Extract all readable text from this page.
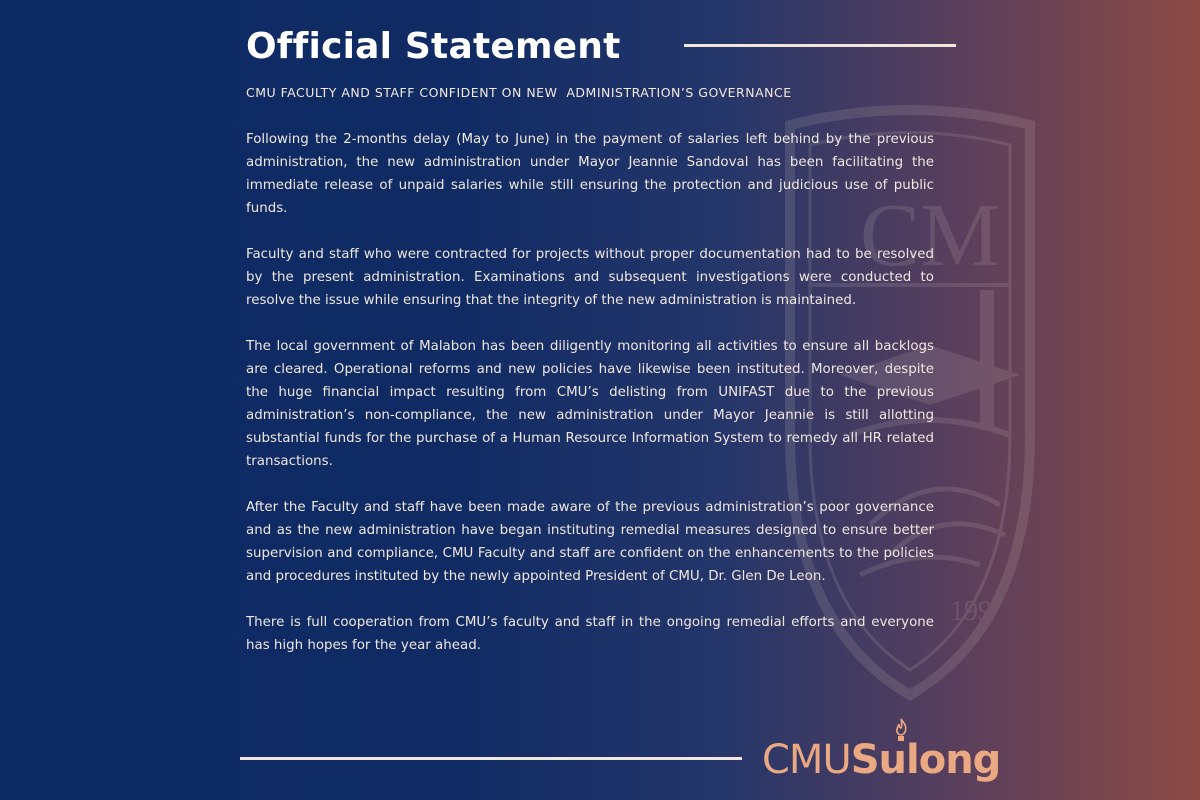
CM
199
Official Statement

CMU FACULTY AND STAFF CONFIDENT ON NEW  ADMINISTRATION’S GOVERNANCE

Following the 2-months delay (May to June) in the payment of salaries left behind by the previous administration, the new administration under Mayor Jeannie Sandoval has been facilitating the immediate release of unpaid salaries while still ensuring the protection and judicious use of public funds.

Faculty and staff who were contracted for projects without proper documentation had to be resolved by the present administration. Examinations and subsequent investigations were conducted to resolve the issue while ensuring that the integrity of the new administration is maintained.

The local government of Malabon has been diligently monitoring all activities to ensure all backlogs are cleared. Operational reforms and new policies have likewise been instituted. Moreover, despite the huge financial impact resulting from CMU’s delisting from UNIFAST due to the previous administration’s non-compliance, the new administration under Mayor Jeannie is still allotting substantial funds for the purchase of a Human Resource Information System to remedy all HR related transactions.

After the Faculty and staff have been made aware of the previous administration’s poor governance and as the new administration have began instituting remedial measures designed to ensure better supervision and compliance, CMU Faculty and staff are confident on the enhancements to the policies and procedures instituted by the newly appointed President of CMU, Dr. Glen De Leon.

There is full cooperation from CMU’s faculty and staff in the ongoing remedial efforts and everyone has high hopes for the year ahead.

CMUSulong
